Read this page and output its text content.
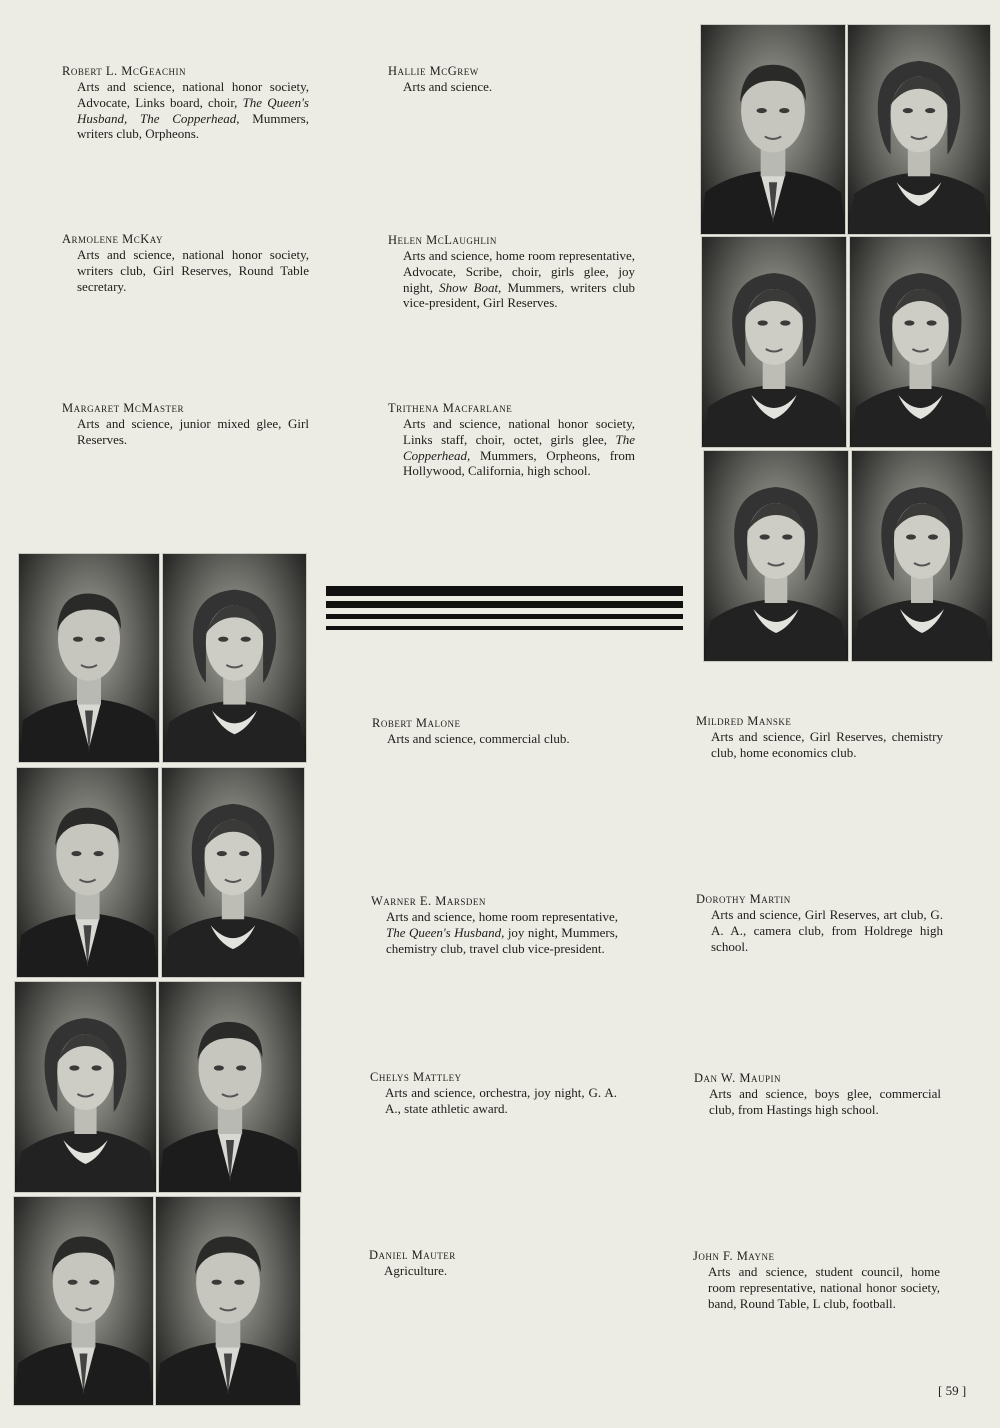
Robert L. McGeachin
Arts and science, national honor society, Advocate, Links board, choir, The Queen's Husband, The Copperhead, Mummers, writers club, Orpheons.
Hallie McGrew
Arts and science.
Armolene McKay
Arts and science, national honor society, writers club, Girl Reserves, Round Table secretary.
Helen McLaughlin
Arts and science, home room representative, Advocate, Scribe, choir, girls glee, joy night, Show Boat, Mummers, writers club vice-president, Girl Reserves.
Margaret McMaster
Arts and science, junior mixed glee, Girl Reserves.
Trithena Macfarlane
Arts and science, national honor society, Links staff, choir, octet, girls glee, The Copperhead, Mummers, Orpheons, from Hollywood, California, high school.
Robert Malone
Arts and science, commercial club.
Mildred Manske
Arts and science, Girl Reserves, chemistry club, home economics club.
Warner E. Marsden
Arts and science, home room representative, The Queen's Husband, joy night, Mummers, chemistry club, travel club vice-president.
Dorothy Martin
Arts and science, Girl Reserves, art club, G. A. A., camera club, from Holdrege high school.
Chelys Mattley
Arts and science, orchestra, joy night, G. A. A., state athletic award.
Dan W. Maupin
Arts and science, boys glee, commercial club, from Hastings high school.
Daniel Mauter
Agriculture.
John F. Mayne
Arts and science, student council, home room representative, national honor society, band, Round Table, L club, football.
[ 59 ]
